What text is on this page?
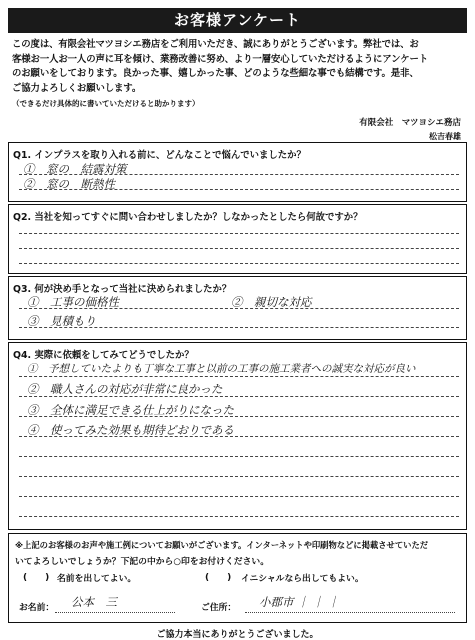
お客様アンケート
この度は、有限会社マツヨシエ務店をご利用いただき、誠にありがとうございます。弊社では、お
客様お一人お一人の声に耳を傾け、業務改善に努め、より一層安心していただけるようにアンケート
のお願いをしております。良かった事、嬉しかった事、どのような些細な事でも結構です。是非、
ご協力よろしくお願いします。
（できるだけ具体的に書いていただけると助かります）
有限会社　マツヨシエ務店
松吉春雄
Q1. インプラスを取り入れる前に、どんなことで悩んでいましたか？
①　窓の　結露対策
②　窓の　断熱性
Q2. 当社を知ってすぐに問い合わせしましたか？しなかったとしたら何故ですか？
Q3. 何が決め手となって当社に決められましたか？
①　工事の価格性	②　親切な対応
③　見積もり
Q4. 実際に依頼をしてみてどうでしたか？
①　予想していたよりも丁寧な工事と以前の工事の施工業者への誠実な対応が良い
②　職人さんの対応が非常に良かった
③　全体に満足できる仕上がりになった
④　使ってみた効果も期待どおりである
※上記のお客様のお声や施工例についてお願いがございます。インターネットや印刷物などに掲載させていただ
いてよろしいでしょうか？下記の中から○印をお付けください。
(　　) 名前を出してよい。	(　　) イニシャルなら出してもよい。
お名前： 公本　三	ご住所： 小郡市 ｜ ｜ ｜
ご協力本当にありがとうございました。
